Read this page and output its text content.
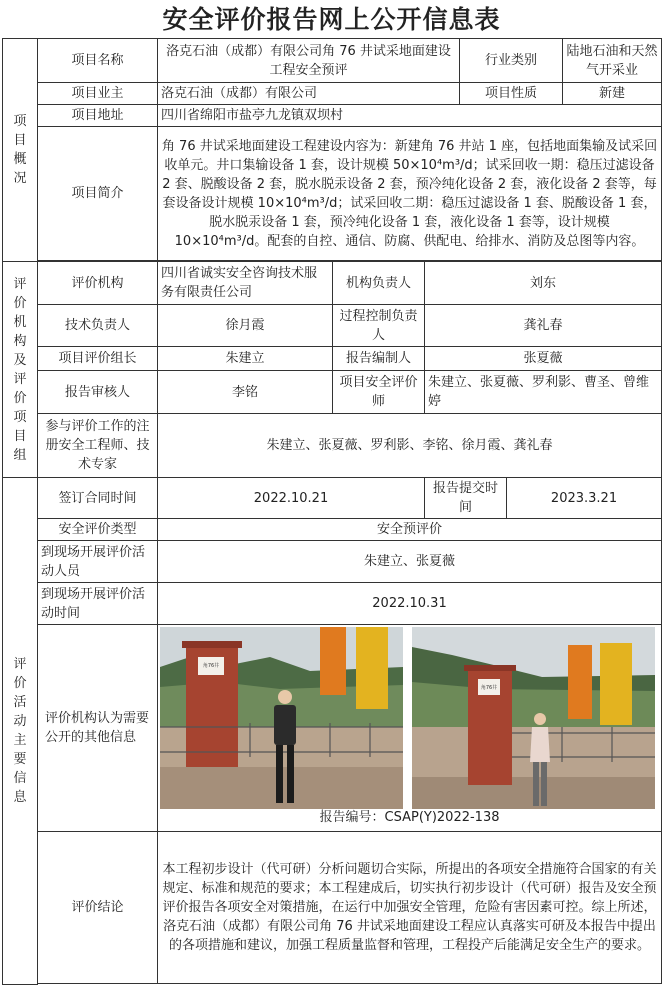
安全评价报告网上公开信息表
项目概况	项目名称	洛克石油（成都）有限公司角 76 井试采地面建设工程安全预评			行业类别		陆地石油和天然气开采业
	项目业主	洛克石油（成都）有限公司			项目性质		新建
	项目地址	四川省绵阳市盐亭九龙镇双坝村					
	项目简介	角 76 井试采地面建设工程建设内容为：新建角 76 井站 1 座，包括地面集输及试采回收单元。井口集输设备 1 套，设计规模 50×10⁴m³/d；试采回收一期：稳压过滤设备 2 套、脱酸设备 2 套，脱水脱汞设备 2 套，预冷纯化设备 2 套，液化设备 2 套等，每套设备设计规模 10×10⁴m³/d；试采回收二期：稳压过滤设备 1 套、脱酸设备 1 套，脱水脱汞设备 1 套，预冷纯化设备 1 套，液化设备 1 套等，设计规模 10×10⁴m³/d。配套的自控、通信、防腐、供配电、给排水、消防及总图等内容。					

评价机构及评价项目组	评价机构	四川省诚实安全咨询技术服务有限责任公司	机构负责人	刘东			
	技术负责人	徐月霞	过程控制负责人	龚礼春			
	项目评价组长	朱建立	报告编制人	张夏薇			
	报告审核人	李铭	项目安全评价师	朱建立、张夏薇、罗利影、曹圣、曾维婷			
	参与评价工作的注册安全工程师、技术专家	朱建立、张夏薇、罗利影、李铭、徐月霞、龚礼春					
评价活动主要信息	签订合同时间	2022.10.21		报告提交时间		2023.3.21	
	安全评价类型	安全预评价					
	到现场开展评价活动人员	朱建立、张夏薇					
	到现场开展评价活动时间	2022.10.31					

	评价机构认为需要公开的其他信息	角76井
角76井
报告编号：CSAP(Y)2022-138					

	评价结论	本工程初步设计（代可研）分析问题切合实际，所提出的各项安全措施符合国家的有关规定、标准和规范的要求；本工程建成后，切实执行初步设计（代可研）报告及安全预评价报告各项安全对策措施，在运行中加强安全管理，危险有害因素可控。综上所述，洛克石油（成都）有限公司角 76 井试采地面建设工程应认真落实可研及本报告中提出的各项措施和建议，加强工程质量监督和管理，工程投产后能满足安全生产的要求。					
